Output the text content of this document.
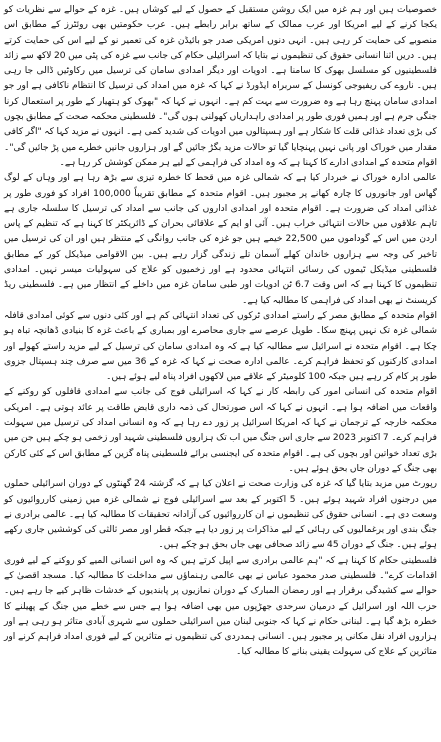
خصوصیات ہیں اور ہم غزہ میں ایک روشن مستقبل کے حصول کے لیے کوشاں ہیں۔ غزہ کے حوالے سے نظریات کو یکجا کرنے کے لیے امریکا اور عرب ممالک کے ساتھ برابر رابطے ہیں۔ عرب حکومتیں بھی روئٹرز کے مطابق اس منصوبے کی حمایت کر رہی ہیں۔ انہی دنوں امریکی صدر جو بائیڈن غزہ کی تعمیر نو کے لیے اس کی حمایت کرتے ہیں۔ دریں اثنا انسانی حقوق کی تنظیموں نے بتایا کہ اسرائیلی حکام کی جانب سے غزہ کی پٹی میں 20 لاکھ سے زائد فلسطینیوں کو مسلسل بھوک کا سامنا ہے۔ ادویات اور دیگر امدادی سامان کی ترسیل میں رکاوٹیں ڈالی جا رہی ہیں۔ ناروے کی ریفیوجی کونسل کے سربراہ ایڈورڈ نے کہا کہ غزہ میں امداد کی ترسیل کا انتظام ناکافی ہے اور جو امدادی سامان پہنچ رہا ہے وہ ضرورت سے بہت کم ہے۔ انہوں نے کہا کہ "بھوک کو ہتھیار کے طور پر استعمال کرنا جنگی جرم ہے اور ہمیں فوری طور پر امدادی راہداریاں کھولنی ہوں گی"۔ فلسطینی محکمہ صحت کے مطابق بچوں کی بڑی تعداد غذائی قلت کا شکار ہے اور ہسپتالوں میں ادویات کی شدید کمی ہے۔ انہوں نے مزید کہا کہ "اگر کافی مقدار میں خوراک اور پانی نہیں پہنچایا گیا تو حالات مزید بگڑ جائیں گے اور ہزاروں جانیں خطرے میں پڑ جائیں گی"۔ اقوام متحدہ کے امدادی ادارے کا کہنا ہے کہ وہ امداد کی فراہمی کے لیے ہر ممکن کوشش کر رہا ہے۔

عالمی ادارہ خوراک نے خبردار کیا ہے کہ شمالی غزہ میں قحط کا خطرہ تیزی سے بڑھ رہا ہے اور وہاں کے لوگ گھاس اور جانوروں کا چارہ کھانے پر مجبور ہیں۔ اقوام متحدہ کے مطابق تقریباً 100,000 افراد کو فوری طور پر غذائی امداد کی ضرورت ہے۔ اقوام متحدہ اور امدادی اداروں کی جانب سے امداد کی ترسیل کا سلسلہ جاری ہے تاہم علاقوں میں حالات انتہائی خراب ہیں۔ آئی او ایم کے علاقائی بحران کے ڈائریکٹر کا کہنا ہے کہ تنظیم کے پاس اردن میں اس کے گوداموں میں 22,500 خیمے ہیں جو غزہ کی جانب روانگی کے منتظر ہیں اور ان کی ترسیل میں تاخیر کی وجہ سے ہزاروں خاندان کھلے آسمان تلے زندگی گزار رہے ہیں۔ بین الاقوامی میڈیکل کور کے مطابق فلسطینی میڈیکل ٹیموں کی رسائی انتہائی محدود ہے اور زخمیوں کو علاج کی سہولیات میسر نہیں۔ امدادی تنظیموں کا کہنا ہے کہ اس وقت 6.7 ٹن ادویات اور طبی سامان غزہ میں داخلے کے انتظار میں ہے۔ فلسطینی ریڈ کریسنٹ نے بھی امداد کی فراہمی کا مطالبہ کیا ہے۔

اقوام متحدہ کے مطابق مصر کے راستے امدادی ٹرکوں کی تعداد انتہائی کم ہے اور کئی دنوں سے کوئی امدادی قافلہ شمالی غزہ تک نہیں پہنچ سکا۔ طویل عرصے سے جاری محاصرے اور بمباری کے باعث غزہ کا بنیادی ڈھانچہ تباہ ہو چکا ہے۔ اقوام متحدہ نے اسرائیل سے مطالبہ کیا ہے کہ وہ امدادی سامان کی ترسیل کے لیے مزید راستے کھولے اور امدادی کارکنوں کو تحفظ فراہم کرے۔ عالمی ادارہ صحت نے کہا کہ غزہ کے 36 میں سے صرف چند ہسپتال جزوی طور پر کام کر رہے ہیں جبکہ 100 کلومیٹر کے علاقے میں لاکھوں افراد پناہ لیے ہوئے ہیں۔

اقوام متحدہ کی انسانی امور کی رابطہ کار نے کہا کہ اسرائیلی فوج کی جانب سے امدادی قافلوں کو روکنے کے واقعات میں اضافہ ہوا ہے۔ انہوں نے کہا کہ اس صورتحال کی ذمہ داری قابض طاقت پر عائد ہوتی ہے۔ امریکی محکمہ خارجہ کے ترجمان نے کہا کہ امریکا اسرائیل پر زور دے رہا ہے کہ وہ انسانی امداد کی ترسیل میں سہولت فراہم کرے۔ 7 اکتوبر 2023 سے جاری اس جنگ میں اب تک ہزاروں فلسطینی شہید اور زخمی ہو چکے ہیں جن میں بڑی تعداد خواتین اور بچوں کی ہے۔ اقوام متحدہ کی ایجنسی برائے فلسطینی پناہ گزین کے مطابق اس کے کئی کارکن بھی جنگ کے دوران جاں بحق ہوئے ہیں۔

رپورٹ میں مزید بتایا گیا کہ غزہ کی وزارت صحت نے اعلان کیا ہے کہ گزشتہ 24 گھنٹوں کے دوران اسرائیلی حملوں میں درجنوں افراد شہید ہوئے ہیں۔ 5 اکتوبر کے بعد سے اسرائیلی فوج نے شمالی غزہ میں زمینی کارروائیوں کو وسعت دی ہے۔ انسانی حقوق کی تنظیموں نے ان کارروائیوں کی آزادانہ تحقیقات کا مطالبہ کیا ہے۔ عالمی برادری نے جنگ بندی اور یرغمالیوں کی رہائی کے لیے مذاکرات پر زور دیا ہے جبکہ قطر اور مصر ثالثی کی کوششیں جاری رکھے ہوئے ہیں۔ جنگ کے دوران 45 سے زائد صحافی بھی جاں بحق ہو چکے ہیں۔

فلسطینی حکام کا کہنا ہے کہ "ہم عالمی برادری سے اپیل کرتے ہیں کہ وہ اس انسانی المیے کو روکنے کے لیے فوری اقدامات کرے"۔ فلسطینی صدر محمود عباس نے بھی عالمی رہنماؤں سے مداخلت کا مطالبہ کیا۔ مسجد اقصیٰ کے حوالے سے کشیدگی برقرار ہے اور رمضان المبارک کے دوران نمازیوں پر پابندیوں کے خدشات ظاہر کیے جا رہے ہیں۔ حزب اللہ اور اسرائیل کے درمیان سرحدی جھڑپوں میں بھی اضافہ ہوا ہے جس سے خطے میں جنگ کے پھیلنے کا خطرہ بڑھ گیا ہے۔ لبنانی حکام نے کہا کہ جنوبی لبنان میں اسرائیلی حملوں سے شہری آبادی متاثر ہو رہی ہے اور ہزاروں افراد نقل مکانی پر مجبور ہیں۔ انسانی ہمدردی کی تنظیموں نے متاثرین کے لیے فوری امداد فراہم کرنے اور متاثرین کے علاج کی سہولت یقینی بنانے کا مطالبہ کیا۔
